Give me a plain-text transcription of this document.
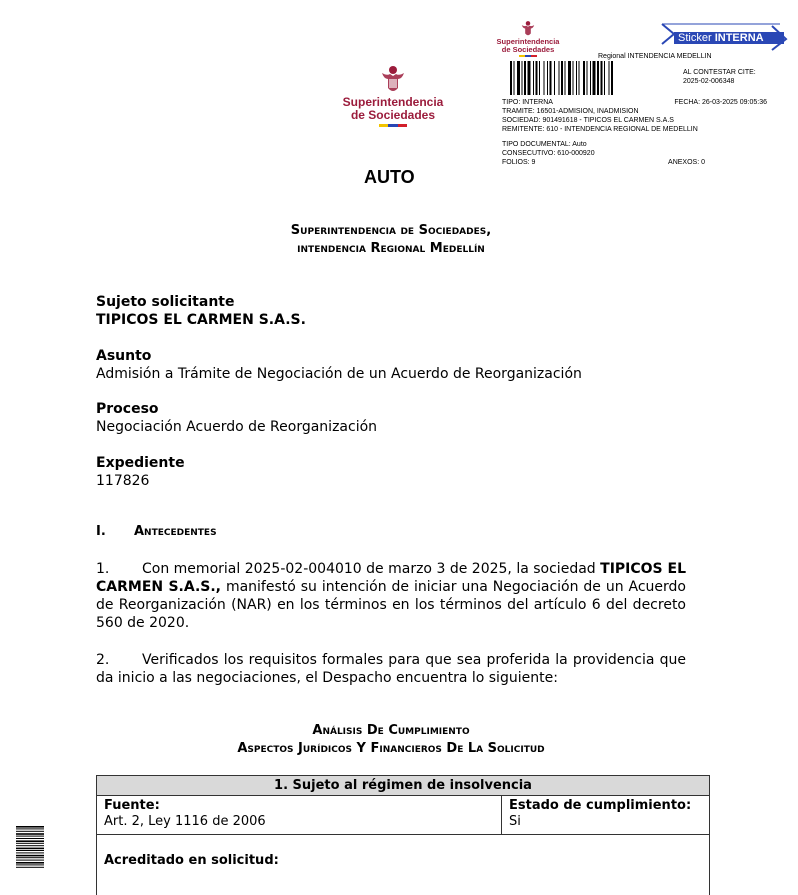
Superintendencia
de Sociedades
Superintendencia
de Sociedades
Sticker INTERNA
Regional INTENDENCIA MEDELLIN
AL CONTESTAR CITE:
2025-02-006348
TIPO: INTERNA	FECHA: 26-03-2025 09:05:36
TRAMITE: 16501-ADMISION, INADMISION
SOCIEDAD: 901491618 - TIPICOS EL CARMEN S.A.S
REMITENTE: 610 - INTENDENCIA REGIONAL DE MEDELLIN
TIPO DOCUMENTAL: Auto
CONSECUTIVO: 610-000920
FOLIOS: 9	ANEXOS: 0
AUTO
Superintendencia de Sociedades,
intendencia Regional Medellín
Sujeto solicitante
TIPICOS EL CARMEN S.A.S.
Asunto
Admisión a Trámite de Negociación de un Acuerdo de Reorganización
Proceso
Negociación Acuerdo de Reorganización
Expediente
117826
I. Antecedentes
1. Con memorial 2025-02-004010 de marzo 3 de 2025, la sociedad TIPICOS EL CARMEN S.A.S., manifestó su intención de iniciar una Negociación de un Acuerdo de Reorganización (NAR) en los términos en los términos del artículo 6 del decreto 560 de 2020.
2. Verificados los requisitos formales para que sea proferida la providencia que da inicio a las negociaciones, el Despacho encuentra lo siguiente:
Análisis De Cumplimiento
Aspectos Jurídicos Y Financieros De La Solicitud
1. Sujeto al régimen de insolvencia
Fuente:
Art. 2, Ley 1116 de 2006
Estado de cumplimiento:
Si
Acreditado en solicitud:
